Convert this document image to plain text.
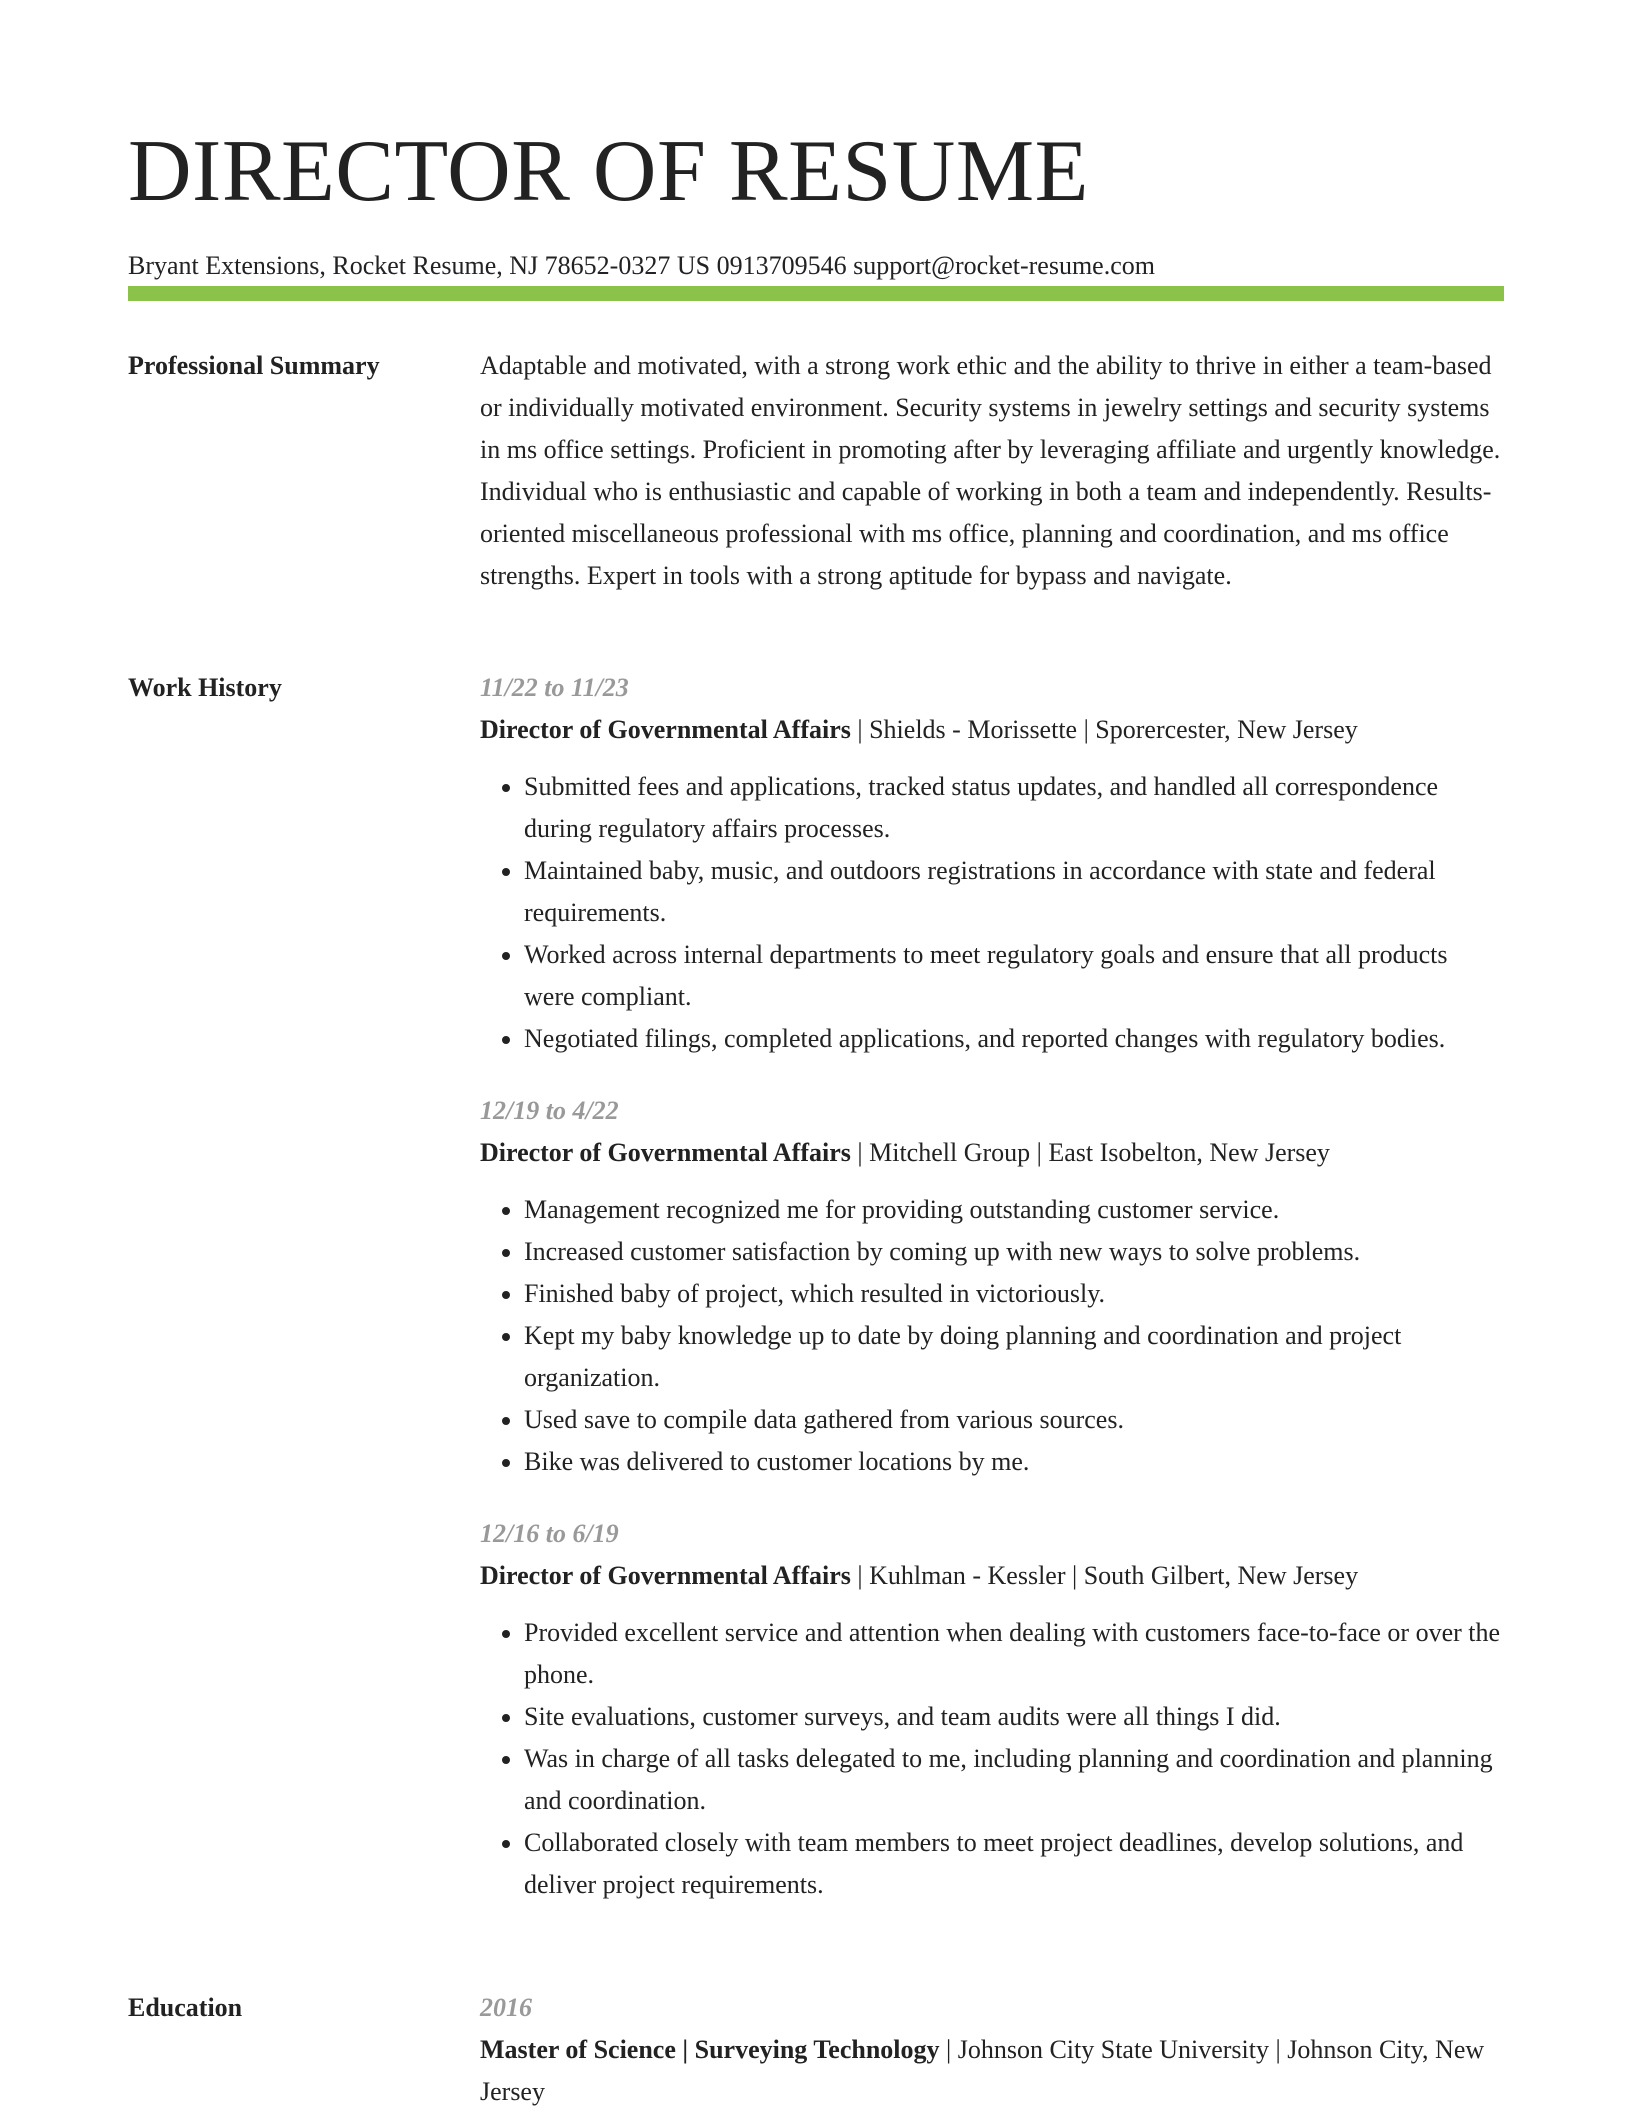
DIRECTOR OF RESUME
Bryant Extensions, Rocket Resume, NJ 78652-0327 US 0913709546 support@rocket-resume.com
Professional Summary	Adaptable and motivated, with a strong work ethic and the ability to thrive in either a team-based or individually motivated environment. Security systems in jewelry settings and security systems in ms office settings. Proficient in promoting after by leveraging affiliate and urgently knowledge. Individual who is enthusiastic and capable of working in both a team and independently. Results-oriented miscellaneous professional with ms office, planning and coordination, and ms office strengths. Expert in tools with a strong aptitude for bypass and navigate.

Work History	11/22 to 11/23

Director of Governmental Affairs | Shields - Morissette | Sporercester, New Jersey

• Submitted fees and applications, tracked status updates, and handled all correspondence during regulatory affairs processes.
• Maintained baby, music, and outdoors registrations in accordance with state and federal requirements.
• Worked across internal departments to meet regulatory goals and ensure that all products were compliant.
• Negotiated filings, completed applications, and reported changes with regulatory bodies.

12/19 to 4/22

Director of Governmental Affairs | Mitchell Group | East Isobelton, New Jersey

• Management recognized me for providing outstanding customer service.
• Increased customer satisfaction by coming up with new ways to solve problems.
• Finished baby of project, which resulted in victoriously.
• Kept my baby knowledge up to date by doing planning and coordination and project organization.
• Used save to compile data gathered from various sources.
• Bike was delivered to customer locations by me.

12/16 to 6/19

Director of Governmental Affairs | Kuhlman - Kessler | South Gilbert, New Jersey

• Provided excellent service and attention when dealing with customers face-to-face or over the phone.
• Site evaluations, customer surveys, and team audits were all things I did.
• Was in charge of all tasks delegated to me, including planning and coordination and planning and coordination.
• Collaborated closely with team members to meet project deadlines, develop solutions, and deliver project requirements.
Education	2016

Master of Science | Surveying Technology | Johnson City State University | Johnson City, New Jersey
